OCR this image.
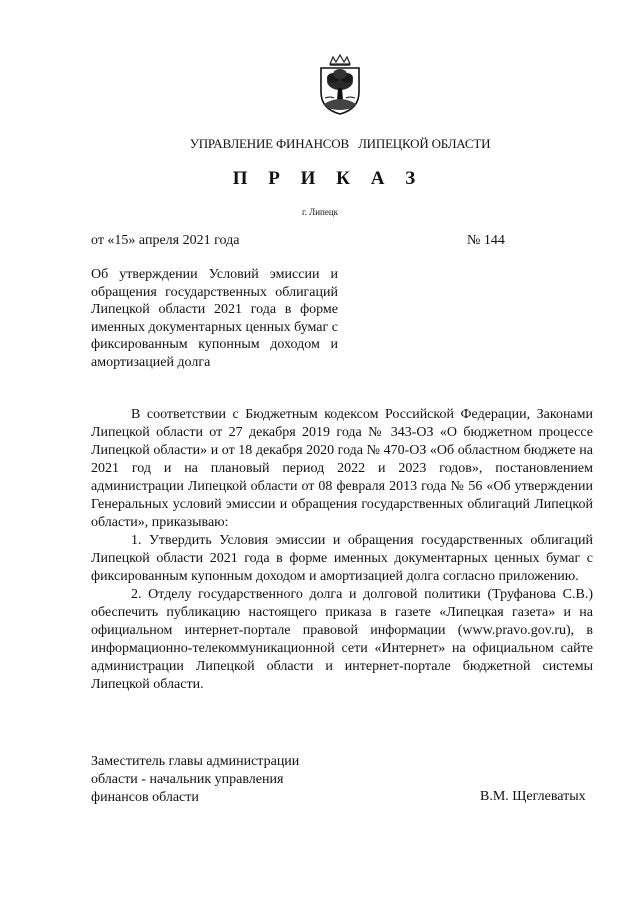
УПРАВЛЕНИЕ ФИНАНСОВ   ЛИПЕЦКОЙ ОБЛАСТИ
П Р И К А З
г. Липецк
от «15» апреля 2021 года	№ 144
Об утверждении Условий эмиссии и обращения государственных облигаций Липецкой области 2021 года в форме именных документарных ценных бумаг с фиксированным купонным доходом и амортизацией долга

В соответствии с Бюджетным кодексом Российской Федерации, Законами Липецкой области от 27 декабря 2019 года № 343-ОЗ «О бюджетном процессе Липецкой области» и от 18 декабря 2020 года № 470-ОЗ «Об областном бюджете на 2021 год и на плановый период 2022 и 2023 годов», постановлением администрации Липецкой области от 08 февраля 2013 года № 56 «Об утверждении Генеральных условий эмиссии и обращения государственных облигаций Липецкой области», приказываю:

1. Утвердить Условия эмиссии и обращения государственных облигаций Липецкой области 2021 года в форме именных документарных ценных бумаг с фиксированным купонным доходом и амортизацией долга согласно приложению.

2. Отделу государственного долга и долговой политики (Труфанова С.В.) обеспечить публикацию настоящего приказа в газете «Липецкая газета» и на официальном интернет-портале правовой информации (www.pravo.gov.ru), в информационно-телекоммуникационной сети «Интернет» на официальном сайте администрации Липецкой области и интернет-портале бюджетной системы Липецкой области.

Заместитель главы администрации
области - начальник управления
финансов области	В.М. Щеглеватых
